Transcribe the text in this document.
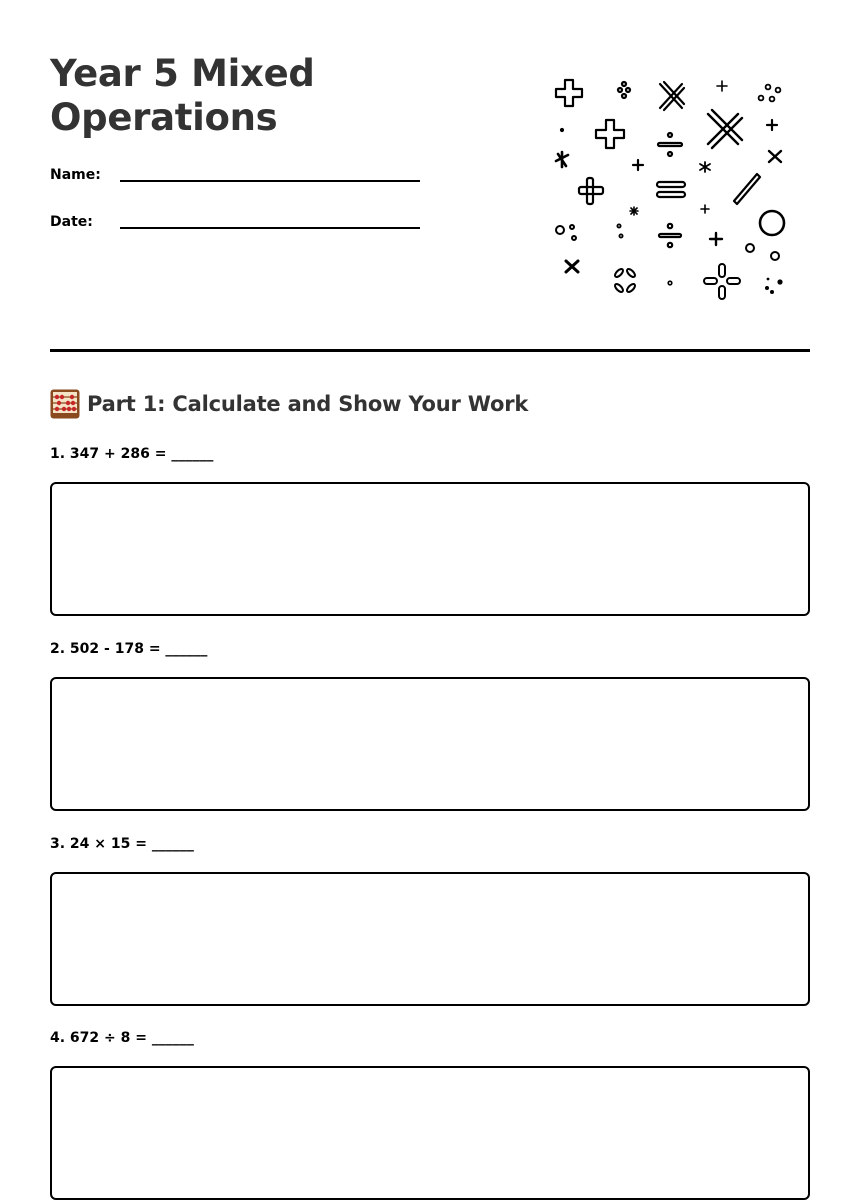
Year 5 Mixed
Operations
Name:
Date:
Part 1: Calculate and Show Your Work
1. 347 + 286 = ______
2. 502 - 178 = ______
3. 24 × 15 = ______
4. 672 ÷ 8 = ______
